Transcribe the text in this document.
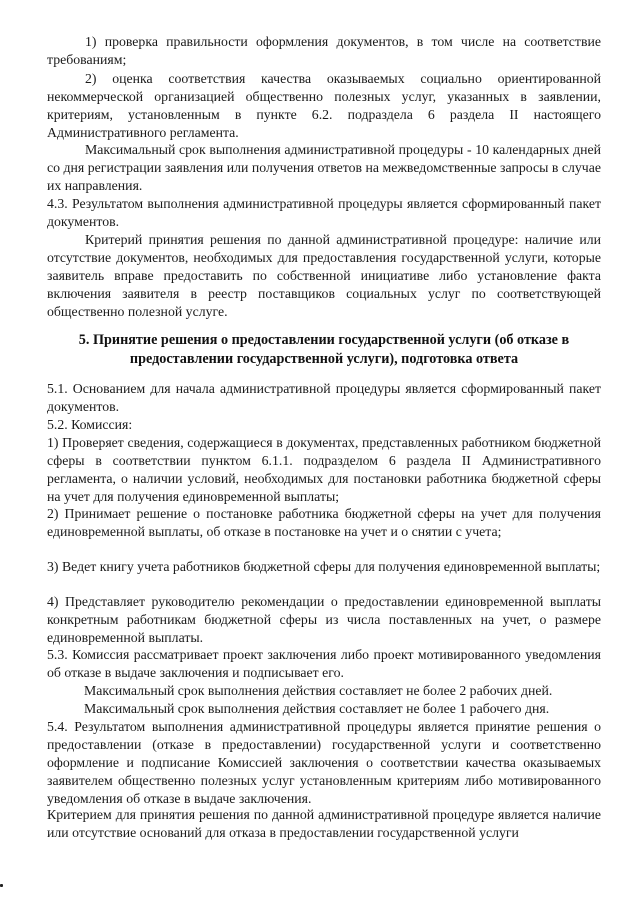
1) проверка правильности оформления документов, в том числе на соответствие требованиям;

2) оценка соответствия качества оказываемых социально ориентированной некоммерческой организацией общественно полезных услуг, указанных в заявлении, критериям, установленным в пункте 6.2. подраздела 6 раздела II настоящего Административного регламента.

Максимальный срок выполнения административной процедуры - 10 календарных дней со дня регистрации заявления или получения ответов на межведомственные запросы в случае их направления.

4.3. Результатом выполнения административной процедуры является сформированный пакет документов.

Критерий принятия решения по данной административной процедуре: наличие или отсутствие документов, необходимых для предоставления государственной услуги, которые заявитель вправе предоставить по собственной инициативе либо установление факта включения заявителя в реестр поставщиков социальных услуг по соответствующей общественно полезной услуге.

5. Принятие решения о предоставлении государственной услуги (об отказе в предоставлении государственной услуги), подготовка ответа

5.1. Основанием для начала административной процедуры является сформированный пакет документов.

5.2. Комиссия:

1) Проверяет сведения, содержащиеся в документах, представленных работником бюджетной сферы в соответствии пунктом 6.1.1. подразделом 6 раздела II Административного регламента, о наличии условий, необходимых для постановки работника бюджетной сферы на учет для получения единовременной выплаты;

2) Принимает решение о постановке работника бюджетной сферы на учет для получения единовременной выплаты, об отказе в постановке на учет и о снятии с учета;

3) Ведет книгу учета работников бюджетной сферы для получения единовременной выплаты;

4) Представляет руководителю рекомендации о предоставлении единовременной выплаты конкретным работникам бюджетной сферы из числа поставленных на учет, о размере единовременной выплаты.

5.3. Комиссия рассматривает проект заключения либо проект мотивированного уведомления об отказе в выдаче заключения и подписывает его.

Максимальный срок выполнения действия составляет не более 2 рабочих дней.

Максимальный срок выполнения действия составляет не более 1 рабочего дня.

5.4. Результатом выполнения административной процедуры является принятие решения о предоставлении (отказе в предоставлении) государственной услуги и соответственно оформление и подписание Комиссией заключения о соответствии качества оказываемых заявителем общественно полезных услуг установленным критериям либо мотивированного уведомления об отказе в выдаче заключения.

Критерием для принятия решения по данной административной процедуре является наличие или отсутствие оснований для отказа в предоставлении государственной услуги
